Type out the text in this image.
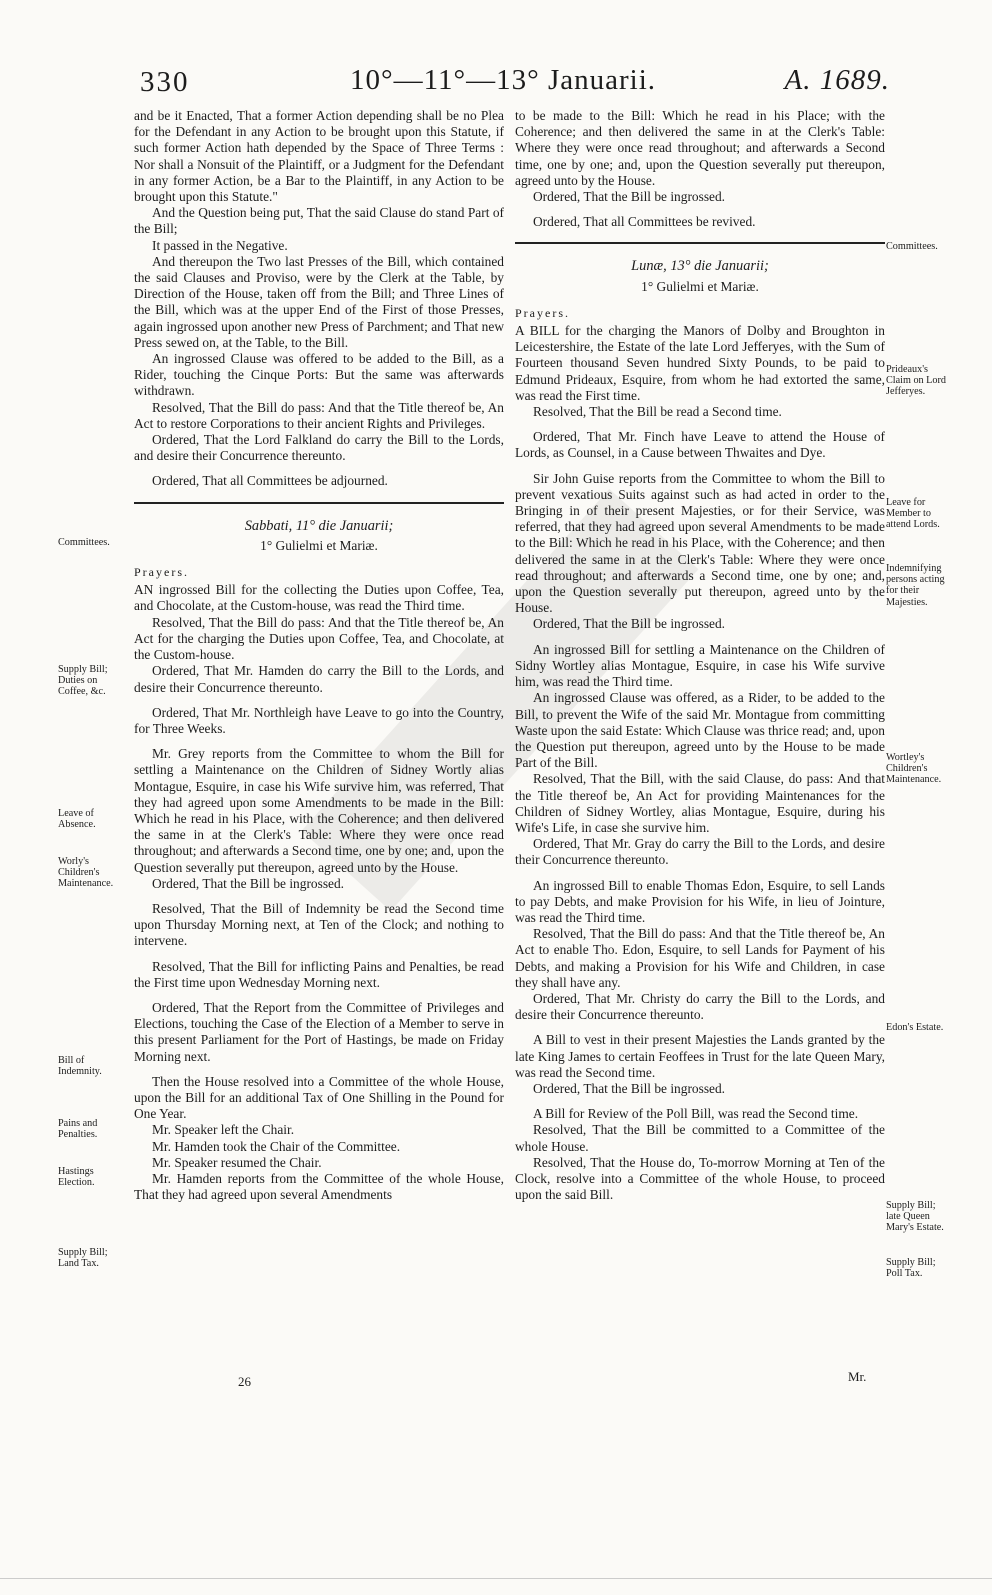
330	10°—11°—13° Januarii.	A. 1689.

and be it Enacted, That a former Action depending shall be no Plea for the Defendant in any Action to be brought upon this Statute, if such former Action hath depended by the Space of Three Terms : Nor shall a Nonsuit of the Plaintiff, or a Judgment for the Defendant in any former Action, be a Bar to the Plaintiff, in any Action to be brought upon this Statute."

And the Question being put, That the said Clause do stand Part of the Bill;

It passed in the Negative.

And thereupon the Two last Presses of the Bill, which contained the said Clauses and Proviso, were by the Clerk at the Table, by Direction of the House, taken off from the Bill; and Three Lines of the Bill, which was at the upper End of the First of those Presses, again ingrossed upon another new Press of Parchment; and That new Press sewed on, at the Table, to the Bill.

An ingrossed Clause was offered to be added to the Bill, as a Rider, touching the Cinque Ports: But the same was afterwards withdrawn.

Resolved, That the Bill do pass: And that the Title thereof be, An Act to restore Corporations to their ancient Rights and Privileges.

Ordered, That the Lord Falkland do carry the Bill to the Lords, and desire their Concurrence thereunto.

Ordered, That all Committees be adjourned.

Sabbati, 11° die Januarii;
1° Gulielmi et Mariæ.

Prayers.

AN ingrossed Bill for the collecting the Duties upon Coffee, Tea, and Chocolate, at the Custom-house, was read the Third time.

Resolved, That the Bill do pass: And that the Title thereof be, An Act for the charging the Duties upon Coffee, Tea, and Chocolate, at the Custom-house.

Ordered, That Mr. Hamden do carry the Bill to the Lords, and desire their Concurrence thereunto.

Ordered, That Mr. Northleigh have Leave to go into the Country, for Three Weeks.

Mr. Grey reports from the Committee to whom the Bill for settling a Maintenance on the Children of Sidney Wortly alias Montague, Esquire, in case his Wife survive him, was referred, That they had agreed upon some Amendments to be made in the Bill: Which he read in his Place, with the Coherence; and then delivered the same in at the Clerk's Table: Where they were once read throughout; and afterwards a Second time, one by one; and, upon the Question severally put thereupon, agreed unto by the House.

Ordered, That the Bill be ingrossed.

Resolved, That the Bill of Indemnity be read the Second time upon Thursday Morning next, at Ten of the Clock; and nothing to intervene.

Resolved, That the Bill for inflicting Pains and Penalties, be read the First time upon Wednesday Morning next.

Ordered, That the Report from the Committee of Privileges and Elections, touching the Case of the Election of a Member to serve in this present Parliament for the Port of Hastings, be made on Friday Morning next.

Then the House resolved into a Committee of the whole House, upon the Bill for an additional Tax of One Shilling in the Pound for One Year.

Mr. Speaker left the Chair.

Mr. Hamden took the Chair of the Committee.

Mr. Speaker resumed the Chair.

Mr. Hamden reports from the Committee of the whole House, That they had agreed upon several Amendments

Committees.
Supply Bill; Duties on Coffee, &c.
Leave of Absence.
Worly's Children's Maintenance.
Bill of Indemnity.
Pains and Penalties.
Hastings Election.
Supply Bill; Land Tax.

to be made to the Bill: Which he read in his Place; with the Coherence; and then delivered the same in at the Clerk's Table: Where they were once read throughout; and afterwards a Second time, one by one; and, upon the Question severally put thereupon, agreed unto by the House.

Ordered, That the Bill be ingrossed.

Ordered, That all Committees be revived.

Lunæ, 13° die Januarii;
1° Gulielmi et Mariæ.

Prayers.

A BILL for the charging the Manors of Dolby and Broughton in Leicestershire, the Estate of the late Lord Jefferyes, with the Sum of Fourteen thousand Seven hundred Sixty Pounds, to be paid to Edmund Prideaux, Esquire, from whom he had extorted the same, was read the First time.

Resolved, That the Bill be read a Second time.

Ordered, That Mr. Finch have Leave to attend the House of Lords, as Counsel, in a Cause between Thwaites and Dye.

Sir John Guise reports from the Committee to whom the Bill to prevent vexatious Suits against such as had acted in order to the Bringing in of their present Majesties, or for their Service, was referred, that they had agreed upon several Amendments to be made to the Bill: Which he read in his Place, with the Coherence; and then delivered the same in at the Clerk's Table: Where they were once read throughout; and afterwards a Second time, one by one; and, upon the Question severally put thereupon, agreed unto by the House.

Ordered, That the Bill be ingrossed.

An ingrossed Bill for settling a Maintenance on the Children of Sidny Wortley alias Montague, Esquire, in case his Wife survive him, was read the Third time.

An ingrossed Clause was offered, as a Rider, to be added to the Bill, to prevent the Wife of the said Mr. Montague from committing Waste upon the said Estate: Which Clause was thrice read; and, upon the Question put thereupon, agreed unto by the House to be made Part of the Bill.

Resolved, That the Bill, with the said Clause, do pass: And that the Title thereof be, An Act for providing Maintenances for the Children of Sidney Wortley, alias Montague, Esquire, during his Wife's Life, in case she survive him.

Ordered, That Mr. Gray do carry the Bill to the Lords, and desire their Concurrence thereunto.

An ingrossed Bill to enable Thomas Edon, Esquire, to sell Lands to pay Debts, and make Provision for his Wife, in lieu of Jointure, was read the Third time.

Resolved, That the Bill do pass: And that the Title thereof be, An Act to enable Tho. Edon, Esquire, to sell Lands for Payment of his Debts, and making a Provision for his Wife and Children, in case they shall have any.

Ordered, That Mr. Christy do carry the Bill to the Lords, and desire their Concurrence thereunto.

A Bill to vest in their present Majesties the Lands granted by the late King James to certain Feoffees in Trust for the late Queen Mary, was read the Second time.

Ordered, That the Bill be ingrossed.

A Bill for Review of the Poll Bill, was read the Second time.

Resolved, That the Bill be committed to a Committee of the whole House.

Resolved, That the House do, To-morrow Morning at Ten of the Clock, resolve into a Committee of the whole House, to proceed upon the said Bill.

Committees.
Prideaux's Claim on Lord Jefferyes.
Leave for Member to attend Lords.
Indemnifying persons acting for their Majesties.
Wortley's Children's Maintenance.
Edon's Estate.
Supply Bill; late Queen Mary's Estate.
Supply Bill; Poll Tax.
26	Mr.
